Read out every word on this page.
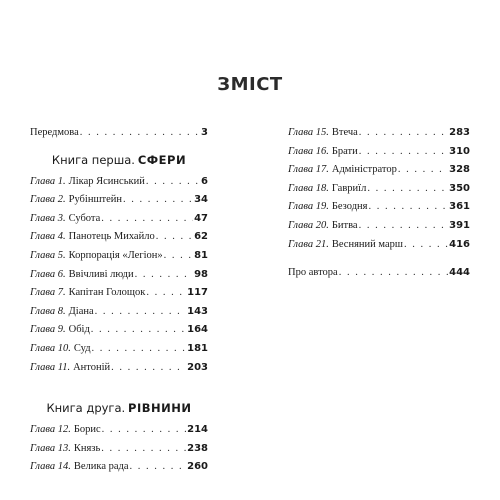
ЗМІСТ
Передмова . . .	3
Книга перша. СФЕРИ
Глава 1. Лікар Ясинський . . .	6
Глава 2. Рубінштейн . . .	34
Глава 3. Субота . . .	47
Глава 4. Панотець Михайло . . .	62
Глава 5. Корпорація «Легіон» . . .	81
Глава 6. Ввічливі люди . . .	98
Глава 7. Капітан Голощок . . .	117
Глава 8. Діана . . .	143
Глава 9. Обід . . .	164
Глава 10. Суд . . .	181
Глава 11. Антоній . . .	203
Книга друга. РІВНИНИ
Глава 12. Борис . . .	214
Глава 13. Князь . . .	238
Глава 14. Велика рада . . .	260
Глава 15. Втеча . . .	283
Глава 16. Брати . . .	310
Глава 17. Адміністратор . . .	328
Глава 18. Гавриїл . . .	350
Глава 19. Безодня . . .	361
Глава 20. Битва . . .	391
Глава 21. Весняний марш . . .	416
Про автора . . .	444
